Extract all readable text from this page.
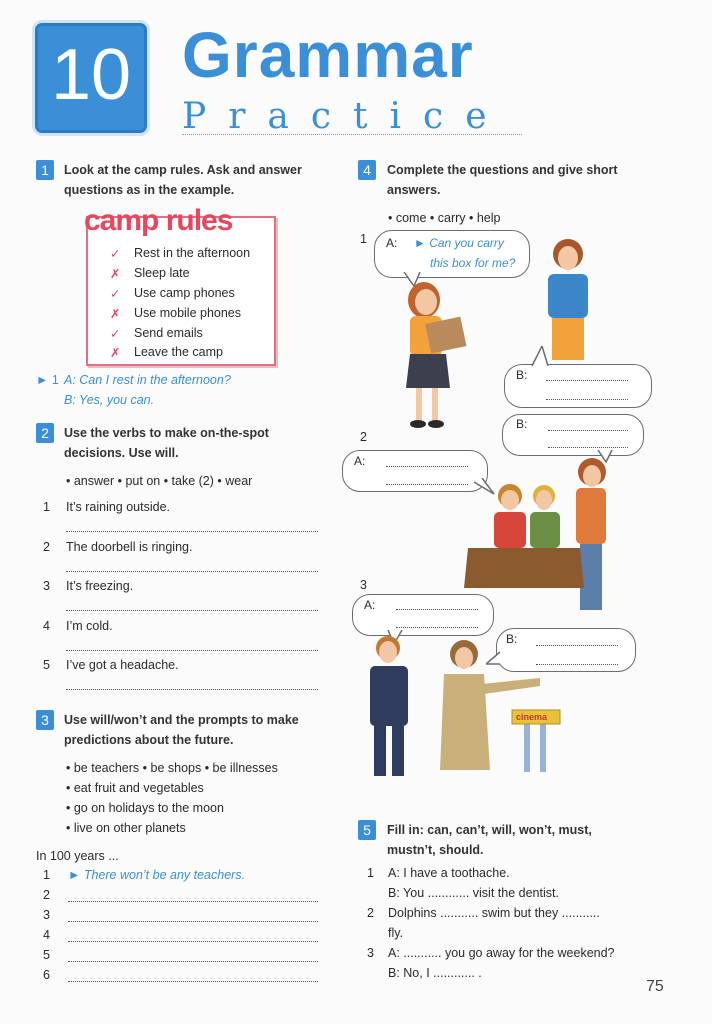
10 Grammar
Practice
1	Look at the camp rules. Ask and answer
questions as in the example.
camp rules
✓ Rest in the afternoon
✗ Sleep late
✓ Use camp phones
✗ Use mobile phones
✓ Send emails
✗ Leave the camp
► 1 A: Can I rest in the afternoon?
B: Yes, you can.
2	Use the verbs to make on-the-spot
decisions. Use will.
• answer • put on • take (2) • wear
1 It’s raining outside.
2 The doorbell is ringing.
3 It’s freezing.
4 I’m cold.
5 I’ve got a headache.
3	Use will/won’t and the prompts to make
predictions about the future.
• be teachers • be shops • be illnesses
• eat fruit and vegetables
• go on holidays to the moon
• live on other planets
In 100 years ...
1 ► There won’t be any teachers.
2
3
4
5
6
4	Complete the questions and give short
answers.
• come • carry • help
1 A: ► Can you carry
this box for me?
B:
B:
2
A:
3
A:
B:
cinema
5	Fill in: can, can’t, will, won’t, must,
mustn’t, should.
1 A: I have a toothache.
B: You ............ visit the dentist.
2 Dolphins ........... swim but they ...........
fly.
3 A: ........... you go away for the weekend?
B: No, I ............ .
75
